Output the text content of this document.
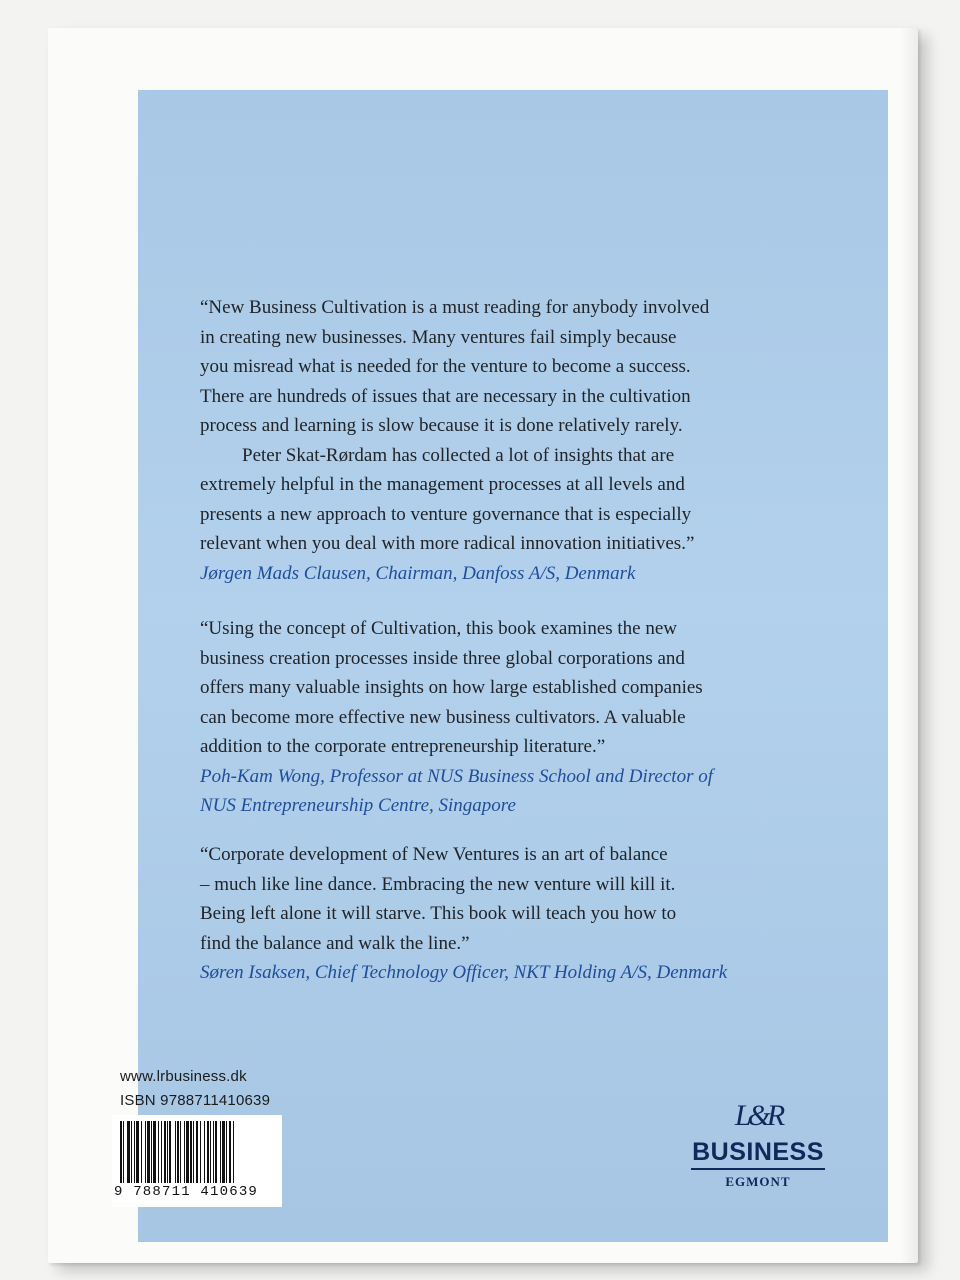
“New Business Cultivation is a must reading for anybody involved
in creating new businesses. Many ventures fail simply because
you misread what is needed for the venture to become a success.
There are hundreds of issues that are necessary in the cultivation
process and learning is slow because it is done relatively rarely.

Peter Skat-Rørdam has collected a lot of insights that are
extremely helpful in the management processes at all levels and
presents a new approach to venture governance that is especially
relevant when you deal with more radical innovation initiatives.”

Jørgen Mads Clausen, Chairman, Danfoss A/S, Denmark

“Using the concept of Cultivation, this book examines the new
business creation processes inside three global corporations and
offers many valuable insights on how large established companies
can become more effective new business cultivators. A valuable
addition to the corporate entrepreneurship literature.”

Poh-Kam Wong, Professor at NUS Business School and Director of
NUS Entrepreneurship Centre, Singapore

“Corporate development of New Ventures is an art of balance
– much like line dance. Embracing the new venture will kill it.
Being left alone it will starve. This book will teach you how to
find the balance and walk the line.”

Søren Isaksen, Chief Technology Officer, NKT Holding A/S, Denmark

www.lrbusiness.dk
ISBN 9788711410639
9 788711 410639
L&R
BUSINESS
EGMONT
